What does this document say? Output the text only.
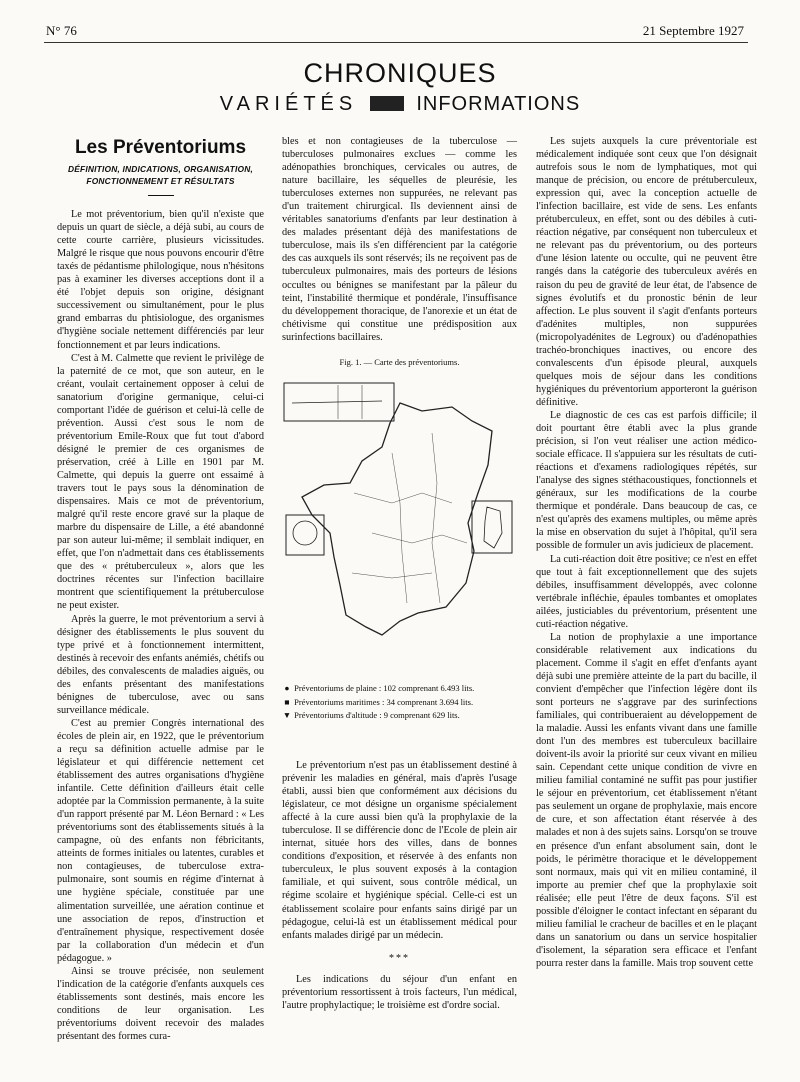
N° 76	21 Septembre 1927
CHRONIQUES
VARIÉTÉS	INFORMATIONS
Les Préventoriums
DÉFINITION, INDICATIONS, ORGANISATION, FONCTIONNEMENT ET RÉSULTATS

Le mot préventorium, bien qu'il n'existe que depuis un quart de siècle, a déjà subi, au cours de cette courte carrière, plusieurs vicissitudes. Malgré le risque que nous pouvons encourir d'être taxés de pédantisme philologique, nous n'hésitons pas à examiner les diverses acceptions dont il a été l'objet depuis son origine, désignant successivement ou simultanément, pour le plus grand embarras du phtisiologue, des organismes d'hygiène sociale nettement différenciés par leur fonctionnement et par leurs indications.

C'est à M. Calmette que revient le privilège de la paternité de ce mot, que son auteur, en le créant, voulait certainement opposer à celui de sanatorium d'origine germanique, celui-ci comportant l'idée de guérison et celui-là celle de prévention. Aussi c'est sous le nom de préventorium Emile-Roux que fut tout d'abord désigné le premier de ces organismes de préservation, créé à Lille en 1901 par M. Calmette, qui depuis la guerre ont essaimé à travers tout le pays sous la dénomination de dispensaires. Mais ce mot de préventorium, malgré qu'il reste encore gravé sur la plaque de marbre du dispensaire de Lille, a été abandonné par son auteur lui-même; il semblait indiquer, en effet, que l'on n'admettait dans ces établissements que des « prétuberculeux », alors que les doctrines récentes sur l'infection bacillaire montrent que scientifiquement la prétuberculose ne peut exister.

Après la guerre, le mot préventorium a servi à désigner des établissements le plus souvent du type privé et à fonctionnement intermittent, destinés à recevoir des enfants anémiés, chétifs ou débiles, des convalescents de maladies aiguës, ou des enfants présentant des manifestations bénignes de tuberculose, avec ou sans surveillance médicale.

C'est au premier Congrès international des écoles de plein air, en 1922, que le préventorium a reçu sa définition actuelle admise par le législateur et qui différencie nettement cet établissement des autres organisations d'hygiène infantile. Cette définition d'ailleurs était celle adoptée par la Commission permanente, à la suite d'un rapport présenté par M. Léon Bernard : « Les préventoriums sont des établissements situés à la campagne, où des enfants non fébricitants, atteints de formes initiales ou latentes, curables et non contagieuses, de tuberculose extra-pulmonaire, sont soumis en régime d'internat à une hygiène spéciale, constituée par une alimentation surveillée, une aération continue et une association de repos, d'instruction et d'entraînement physique, respectivement dosée par la collaboration d'un médecin et d'un pédagogue. »

Ainsi se trouve précisée, non seulement l'indication de la catégorie d'enfants auxquels ces établissements sont destinés, mais encore les conditions de leur organisation. Les préventoriums doivent recevoir des malades présentant des formes cura-

bles et non contagieuses de la tuberculose — tuberculoses pulmonaires exclues — comme les adénopathies bronchiques, cervicales ou autres, de nature bacillaire, les séquelles de pleurésie, les tuberculoses externes non suppurées, ne relevant pas d'un traitement chirurgical. Ils deviennent ainsi de véritables sanatoriums d'enfants par leur destination à des malades présentant déjà des manifestations de tuberculose, mais ils s'en différencient par la catégorie des cas auxquels ils sont réservés; ils ne reçoivent pas de tuberculeux pulmonaires, mais des porteurs de lésions occultes ou bénignes se manifestant par la pâleur du teint, l'instabilité thermique et pondérale, l'insuffisance du développement thoracique, de l'anorexie et un état de chétivisme qui constitue une prédisposition aux surinfections bacillaires.

Fig. 1. — Carte des préventoriums.
● Préventoriums de plaine : 102 comprenant 6.493 lits.
■ Préventoriums maritimes : 34 comprenant 3.694 lits.
▼ Préventoriums d'altitude : 9 comprenant 629 lits.

Le préventorium n'est pas un établissement destiné à prévenir les maladies en général, mais d'après l'usage établi, aussi bien que conformément aux décisions du législateur, ce mot désigne un organisme spécialement affecté à la cure aussi bien qu'à la prophylaxie de la tuberculose. Il se différencie donc de l'Ecole de plein air internat, située hors des villes, dans de bonnes conditions d'exposition, et réservée à des enfants non tuberculeux, le plus souvent exposés à la contagion familiale, et qui suivent, sous contrôle médical, un régime scolaire et hygiénique spécial. Celle-ci est un établissement scolaire pour enfants sains dirigé par un pédagogue, celui-là est un établissement médical pour enfants malades dirigé par un médecin.

***

Les indications du séjour d'un enfant en préventorium ressortissent à trois facteurs, l'un médical, l'autre prophylactique; le troisième est d'ordre social.

Les sujets auxquels la cure préventoriale est médicalement indiquée sont ceux que l'on désignait autrefois sous le nom de lymphatiques, mot qui manque de précision, ou encore de prétuberculeux, expression qui, avec la conception actuelle de l'infection bacillaire, est vide de sens. Les enfants prétuberculeux, en effet, sont ou des débiles à cuti-réaction négative, par conséquent non tuberculeux et ne relevant pas du préventorium, ou des porteurs d'une lésion latente ou occulte, qui ne peuvent être rangés dans la catégorie des tuberculeux avérés en raison du peu de gravité de leur état, de l'absence de signes évolutifs et du pronostic bénin de leur affection. Le plus souvent il s'agit d'enfants porteurs d'adénites multiples, non suppurées (micropolyadénites de Legroux) ou d'adénopathies trachéo-bronchiques inactives, ou encore des convalescents d'un épisode pleural, auxquels quelques mois de séjour dans les conditions hygiéniques du préventorium apporteront la guérison définitive.

Le diagnostic de ces cas est parfois difficile; il doit pourtant être établi avec la plus grande précision, si l'on veut réaliser une action médico-sociale efficace. Il s'appuiera sur les résultats de cuti-réactions et d'examens radiologiques répétés, sur l'analyse des signes stéthacoustiques, fonctionnels et généraux, sur les modifications de la courbe thermique et pondérale. Dans beaucoup de cas, ce n'est qu'après des examens multiples, ou même après la mise en observation du sujet à l'hôpital, qu'il sera possible de formuler un avis judicieux de placement.

La cuti-réaction doit être positive; ce n'est en effet que tout à fait exceptionnellement que des sujets débiles, insuffisamment développés, avec colonne vertébrale infléchie, épaules tombantes et omoplates ailées, justiciables du préventorium, présentent une cuti-réaction négative.

La notion de prophylaxie a une importance considérable relativement aux indications du placement. Comme il s'agit en effet d'enfants ayant déjà subi une première atteinte de la part du bacille, il convient d'empêcher que l'infection légère dont ils sont porteurs ne s'aggrave par des surinfections familiales, qui contribueraient au développement de la maladie. Aussi les enfants vivant dans une famille dont l'un des membres est tuberculeux bacillaire doivent-ils avoir la priorité sur ceux vivant en milieu sain. Cependant cette unique condition de vivre en milieu familial contaminé ne suffit pas pour justifier le séjour en préventorium, cet établissement n'étant pas seulement un organe de prophylaxie, mais encore de cure, et son affectation étant réservée à des malades et non à des sujets sains. Lorsqu'on se trouve en présence d'un enfant absolument sain, dont le poids, le périmètre thoracique et le développement sont normaux, mais qui vit en milieu contaminé, il importe au premier chef que la prophylaxie soit réalisée; elle peut l'être de deux façons. S'il est possible d'éloigner le contact infectant en séparant du milieu familial le cracheur de bacilles et en le plaçant dans un sanatorium ou dans un service hospitalier d'isolement, la séparation sera efficace et l'enfant pourra rester dans la famille. Mais trop souvent cette
